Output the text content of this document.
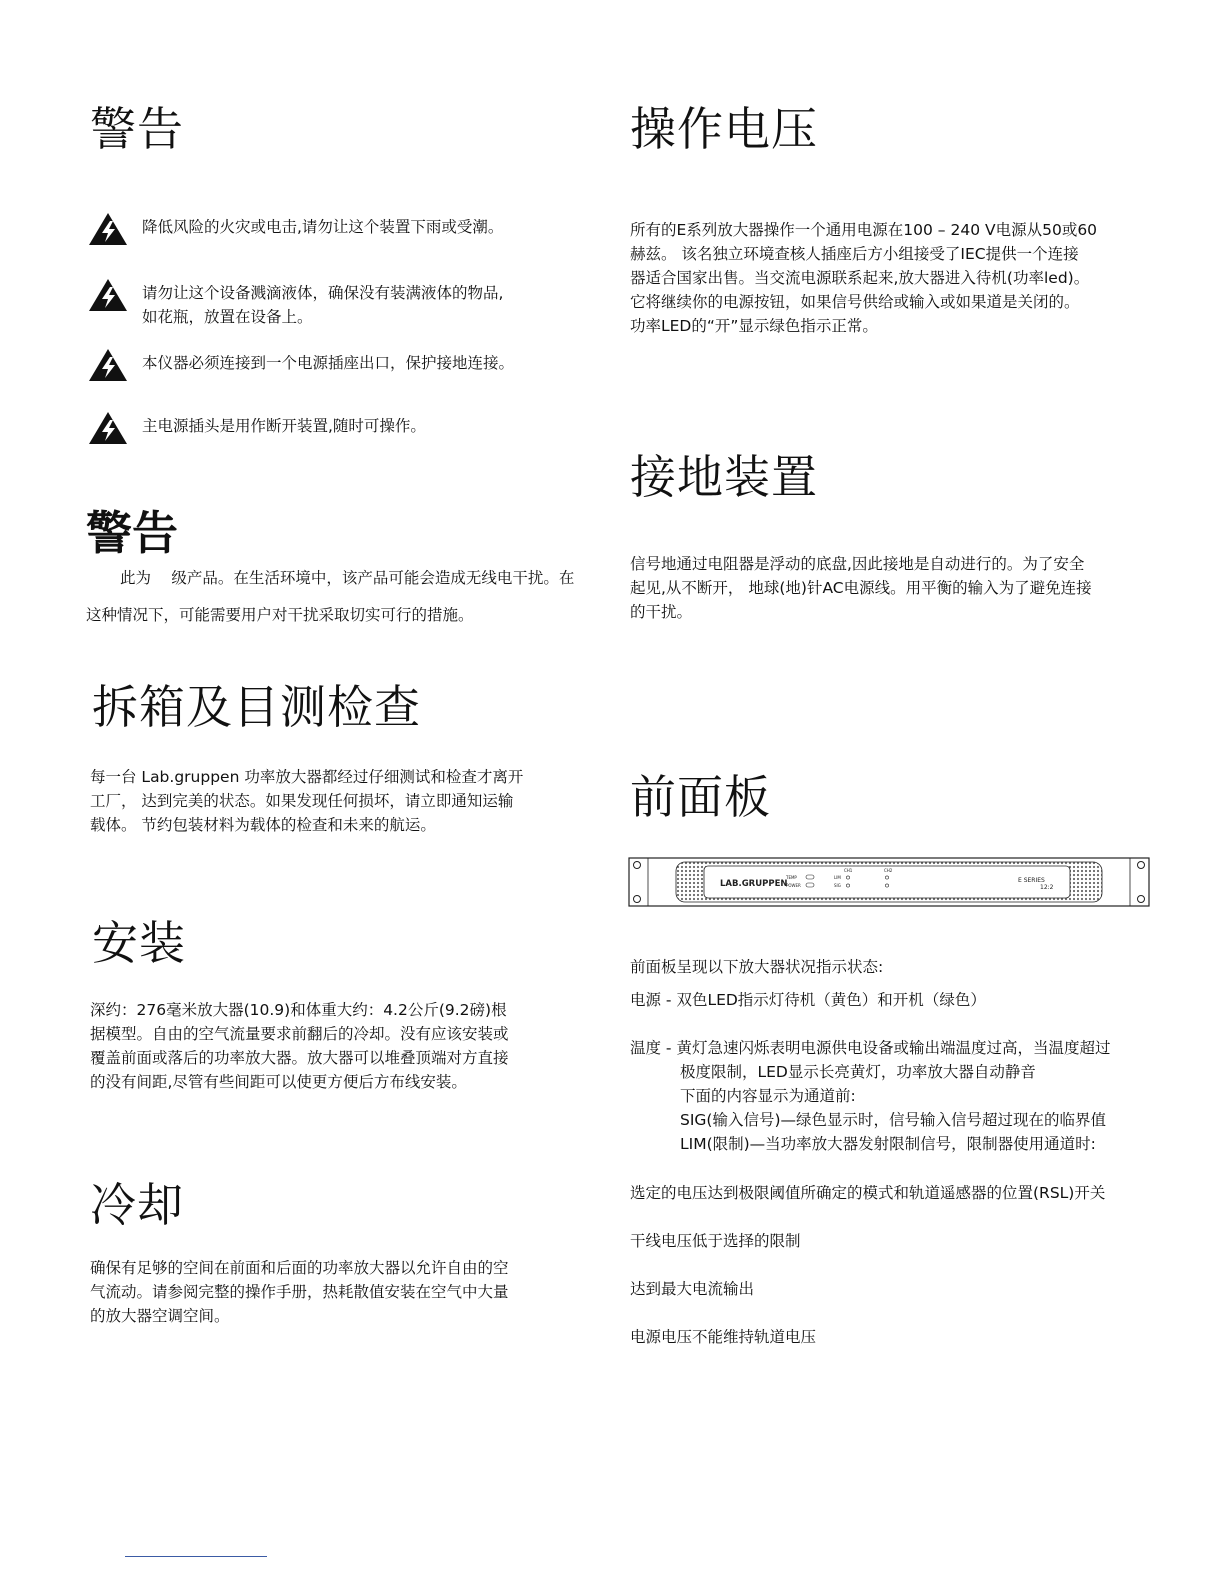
警告

降低风险的火灾或电击,请勿让这个装置下雨或受潮。

请勿让这个设备溅滴液体，确保没有装满液体的物品,

如花瓶，放置在设备上。

本仪器必须连接到一个电源插座出口，保护接地连接。

主电源插头是用作断开装置,随时可操作。

警告
此为　 级产品。在生活环境中，该产品可能会造成无线电干扰。在
这种情况下，可能需要用户对干扰采取切实可行的措施。
拆箱及目测检查

每一台 Lab.gruppen 功率放大器都经过仔细测试和检查才离开

工厂， 达到完美的状态。如果发现任何损坏，请立即通知运输

载体。 节约包装材料为载体的检查和未来的航运。

安装

深约：276毫米放大器(10.9)和体重大约：4.2公斤(9.2磅)根

据模型。自由的空气流量要求前翻后的冷却。没有应该安装或

覆盖前面或落后的功率放大器。放大器可以堆叠顶端对方直接

的没有间距,尽管有些间距可以使更方便后方布线安装。

冷却

确保有足够的空间在前面和后面的功率放大器以允许自由的空

气流动。请参阅完整的操作手册，热耗散值安装在空气中大量

的放大器空调空间。

操作电压

所有的E系列放大器操作一个通用电源在100 – 240 V电源从50或60

赫兹。 该名独立环境查核人插座后方小组接受了IEC提供一个连接

器适合国家出售。当交流电源联系起来,放大器进入待机(功率led)。

它将继续你的电源按钮，如果信号供给或输入或如果道是关闭的。

功率LED的“开”显示绿色指示正常。

接地装置

信号地通过电阻器是浮动的底盘,因此接地是自动进行的。为了安全

起见,从不断开， 地球(地)针AC电源线。用平衡的输入为了避免连接

的干扰。

前面板
LAB.GRUPPEN
TEMP
POWER
CH1	CH2
LIM
SIG
E SERIES
12:2
前面板呈现以下放大器状况指示状态:
电源 - 双色LED指示灯待机（黄色）和开机（绿色）

温度 - 黄灯急速闪烁表明电源供电设备或输出端温度过高，当温度超过

极度限制，LED显示长亮黄灯，功率放大器自动静音

下面的内容显示为通道前:

SIG(输入信号)—绿色显示时，信号输入信号超过现在的临界值

LIM(限制)—当功率放大器发射限制信号，限制器使用通道时:

选定的电压达到极限阈值所确定的模式和轨道遥感器的位置(RSL)开关
干线电压低于选择的限制
达到最大电流输出
电源电压不能维持轨道电压
